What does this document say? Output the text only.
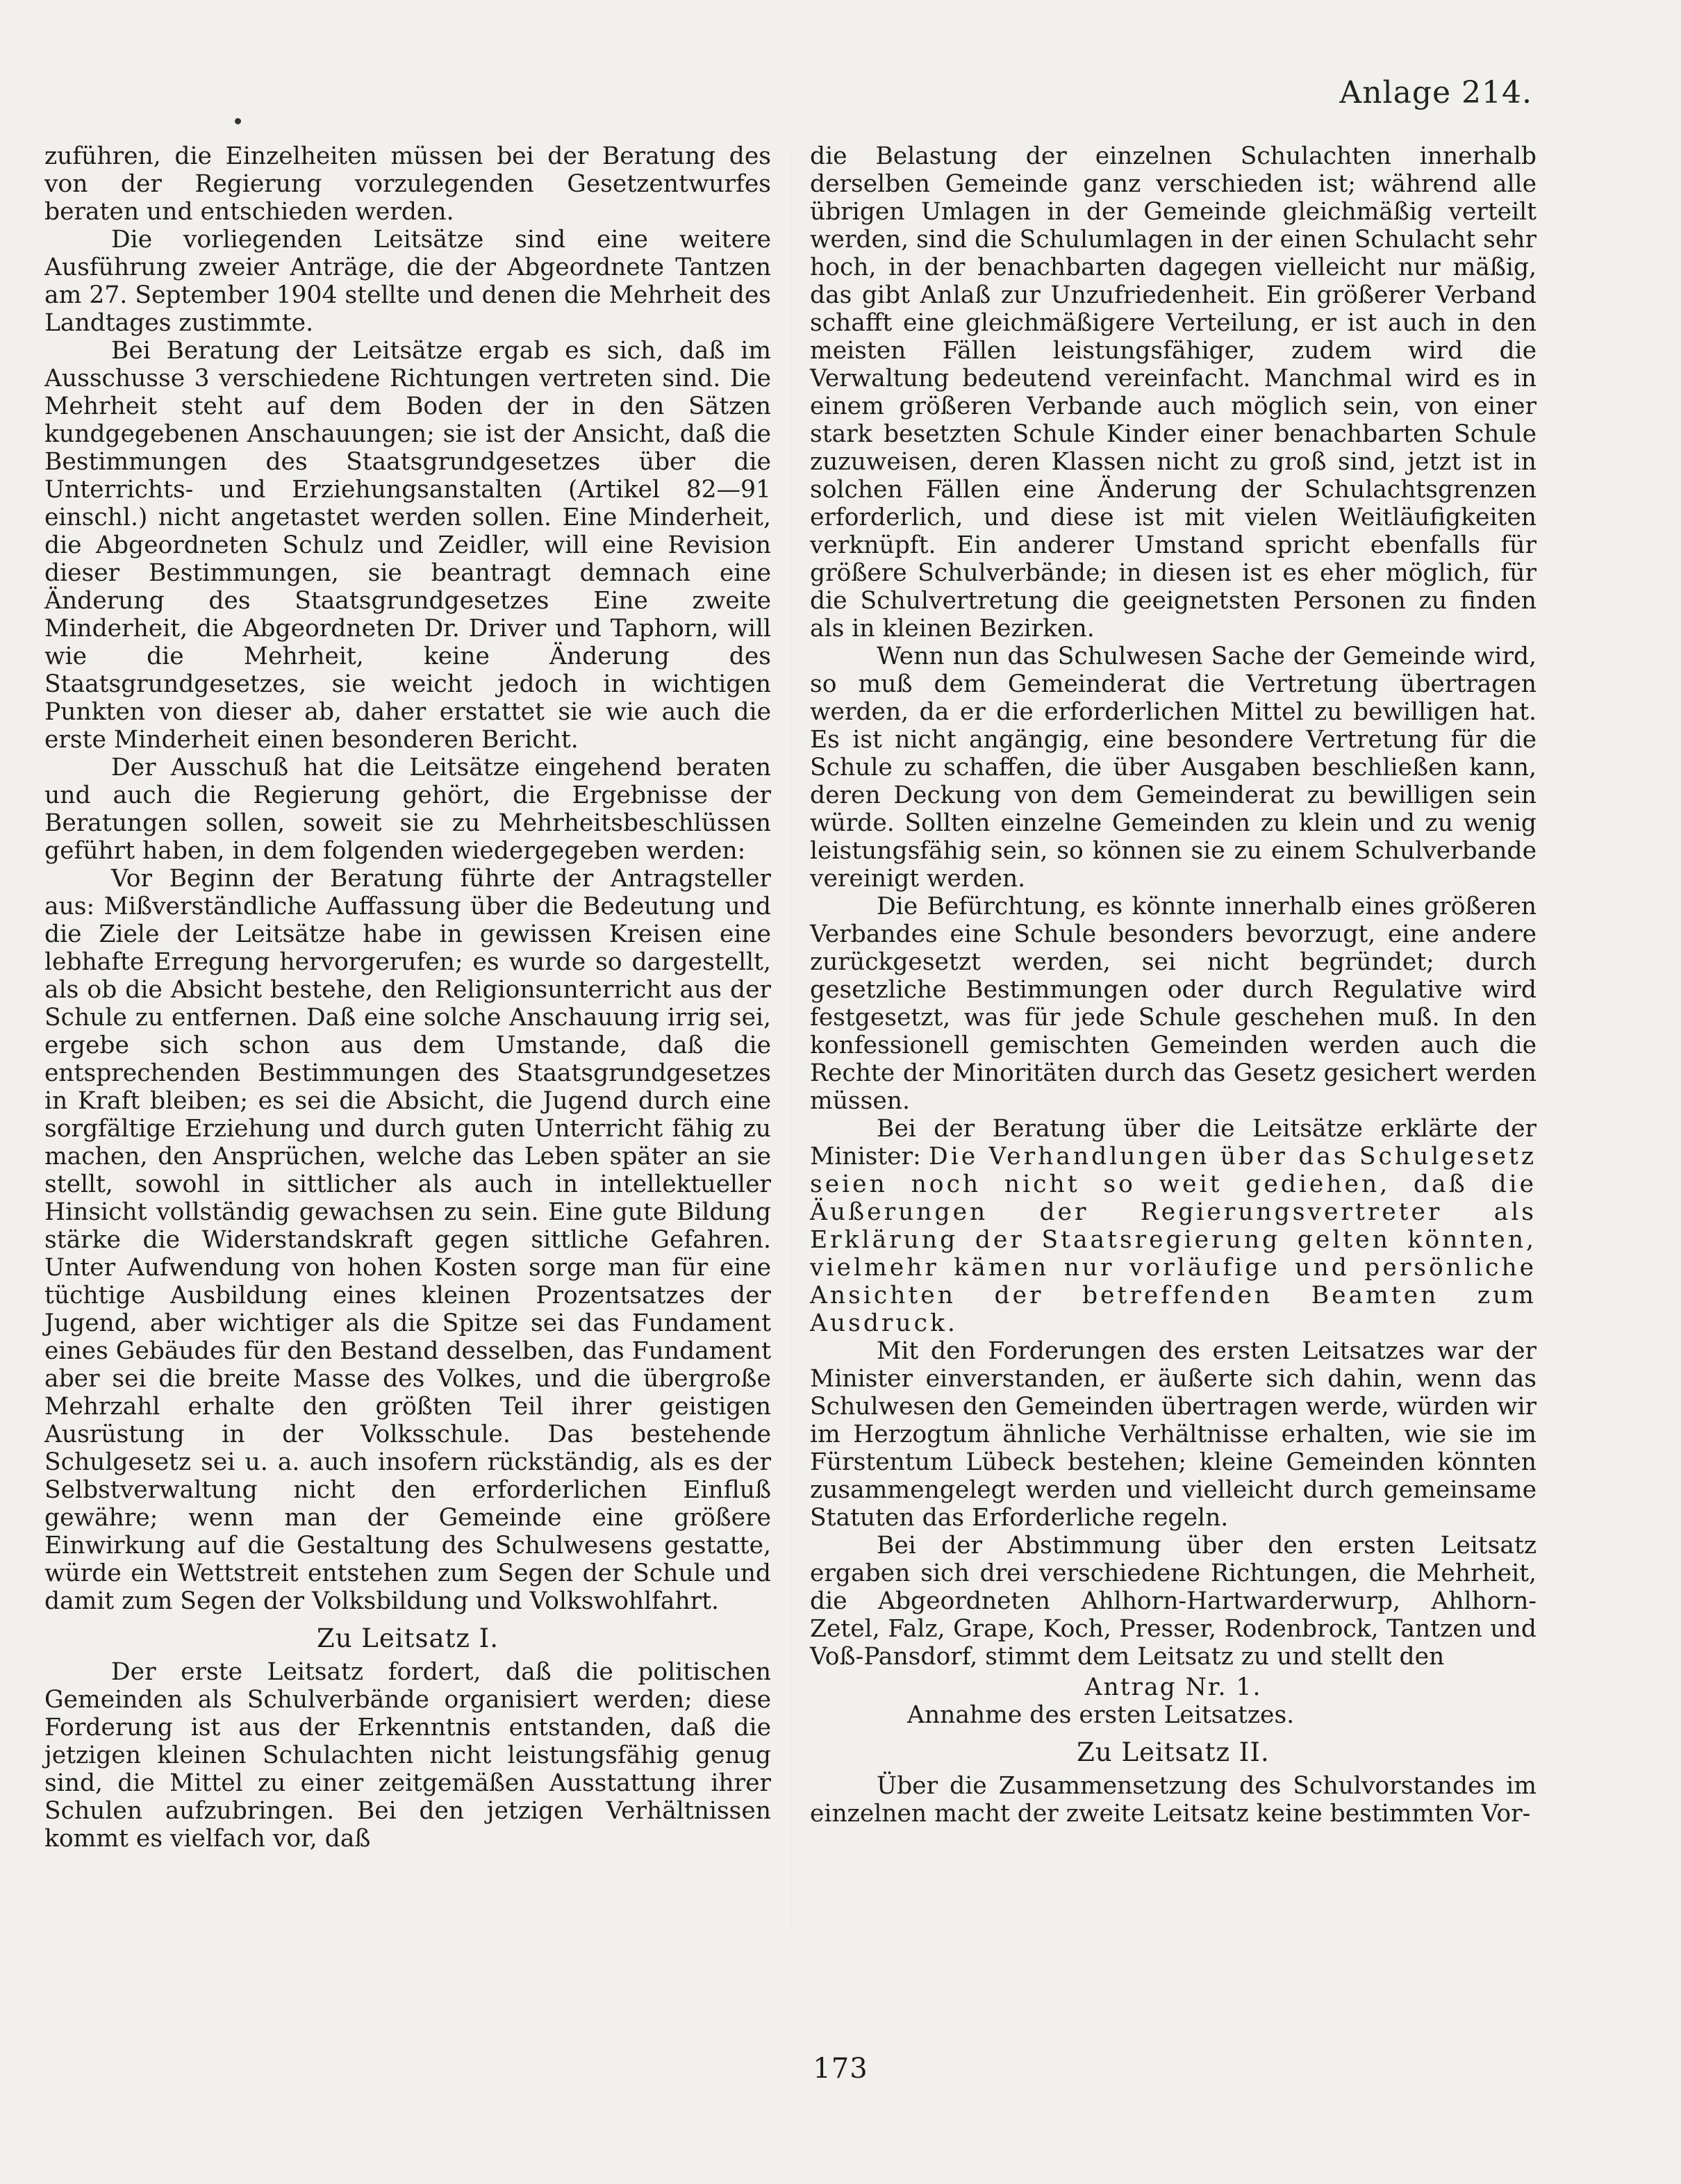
Anlage 214.

zuführen, die Einzelheiten müssen bei der Beratung des von der Regierung vorzulegenden Gesetzentwurfes beraten und entschieden werden.

Die vorliegenden Leitsätze sind eine weitere Ausführung zweier Anträge, die der Abgeordnete Tantzen am 27. September 1904 stellte und denen die Mehrheit des Landtages zustimmte.

Bei Beratung der Leitsätze ergab es sich, daß im Ausschusse 3 verschiedene Richtungen vertreten sind. Die Mehrheit steht auf dem Boden der in den Sätzen kundgegebenen Anschauungen; sie ist der Ansicht, daß die Bestimmungen des Staatsgrundgesetzes über die Unterrichts- und Erziehungsanstalten (Artikel 82—91 einschl.) nicht angetastet werden sollen. Eine Minderheit, die Abgeordneten Schulz und Zeidler, will eine Revision dieser Bestimmungen, sie beantragt demnach eine Änderung des Staatsgrundgesetzes Eine zweite Minderheit, die Abgeordneten Dr. Driver und Taphorn, will wie die Mehrheit, keine Änderung des Staatsgrundgesetzes, sie weicht jedoch in wichtigen Punkten von dieser ab, daher erstattet sie wie auch die erste Minderheit einen besonderen Bericht.

Der Ausschuß hat die Leitsätze eingehend beraten und auch die Regierung gehört, die Ergebnisse der Beratungen sollen, soweit sie zu Mehrheitsbeschlüssen geführt haben, in dem folgenden wiedergegeben werden:

Vor Beginn der Beratung führte der Antragsteller aus: Mißverständliche Auffassung über die Bedeutung und die Ziele der Leitsätze habe in gewissen Kreisen eine lebhafte Erregung hervorgerufen; es wurde so dargestellt, als ob die Absicht bestehe, den Religionsunterricht aus der Schule zu entfernen. Daß eine solche Anschauung irrig sei, ergebe sich schon aus dem Umstande, daß die entsprechenden Bestimmungen des Staatsgrundgesetzes in Kraft bleiben; es sei die Absicht, die Jugend durch eine sorgfältige Erziehung und durch guten Unterricht fähig zu machen, den Ansprüchen, welche das Leben später an sie stellt, sowohl in sittlicher als auch in intellektueller Hinsicht vollständig gewachsen zu sein. Eine gute Bildung stärke die Widerstandskraft gegen sittliche Gefahren. Unter Aufwendung von hohen Kosten sorge man für eine tüchtige Ausbildung eines kleinen Prozentsatzes der Jugend, aber wichtiger als die Spitze sei das Fundament eines Gebäudes für den Bestand desselben, das Fundament aber sei die breite Masse des Volkes, und die übergroße Mehrzahl erhalte den größten Teil ihrer geistigen Ausrüstung in der Volksschule. Das bestehende Schulgesetz sei u. a. auch insofern rückständig, als es der Selbstverwaltung nicht den erforderlichen Einfluß gewähre; wenn man der Gemeinde eine größere Einwirkung auf die Gestaltung des Schulwesens gestatte, würde ein Wettstreit entstehen zum Segen der Schule und damit zum Segen der Volksbildung und Volkswohlfahrt.

Zu Leitsatz I.

Der erste Leitsatz fordert, daß die politischen Gemeinden als Schulverbände organisiert werden; diese Forderung ist aus der Erkenntnis entstanden, daß die jetzigen kleinen Schulachten nicht leistungsfähig genug sind, die Mittel zu einer zeitgemäßen Ausstattung ihrer Schulen aufzubringen. Bei den jetzigen Verhältnissen kommt es vielfach vor, daß

die Belastung der einzelnen Schulachten innerhalb derselben Gemeinde ganz verschieden ist; während alle übrigen Umlagen in der Gemeinde gleichmäßig verteilt werden, sind die Schulumlagen in der einen Schulacht sehr hoch, in der benachbarten dagegen vielleicht nur mäßig, das gibt Anlaß zur Unzufriedenheit. Ein größerer Verband schafft eine gleichmäßigere Verteilung, er ist auch in den meisten Fällen leistungsfähiger, zudem wird die Verwaltung bedeutend vereinfacht. Manchmal wird es in einem größeren Verbande auch möglich sein, von einer stark besetzten Schule Kinder einer benachbarten Schule zuzuweisen, deren Klassen nicht zu groß sind, jetzt ist in solchen Fällen eine Änderung der Schulachtsgrenzen erforderlich, und diese ist mit vielen Weitläufigkeiten verknüpft. Ein anderer Umstand spricht ebenfalls für größere Schulverbände; in diesen ist es eher möglich, für die Schulvertretung die geeignetsten Personen zu finden als in kleinen Bezirken.

Wenn nun das Schulwesen Sache der Gemeinde wird, so muß dem Gemeinderat die Vertretung übertragen werden, da er die erforderlichen Mittel zu bewilligen hat. Es ist nicht angängig, eine besondere Vertretung für die Schule zu schaffen, die über Ausgaben beschließen kann, deren Deckung von dem Gemeinderat zu bewilligen sein würde. Sollten einzelne Gemeinden zu klein und zu wenig leistungsfähig sein, so können sie zu einem Schulverbande vereinigt werden.

Die Befürchtung, es könnte innerhalb eines größeren Verbandes eine Schule besonders bevorzugt, eine andere zurückgesetzt werden, sei nicht begründet; durch gesetzliche Bestimmungen oder durch Regulative wird festgesetzt, was für jede Schule geschehen muß. In den konfessionell gemischten Gemeinden werden auch die Rechte der Minoritäten durch das Gesetz gesichert werden müssen.

Bei der Beratung über die Leitsätze erklärte der Minister: Die Verhandlungen über das Schulgesetz seien noch nicht so weit gediehen, daß die Äußerungen der Regierungsvertreter als Erklärung der Staatsregierung gelten könnten, vielmehr kämen nur vorläufige und persönliche Ansichten der betreffenden Beamten zum Ausdruck.

Mit den Forderungen des ersten Leitsatzes war der Minister einverstanden, er äußerte sich dahin, wenn das Schulwesen den Gemeinden übertragen werde, würden wir im Herzogtum ähnliche Verhältnisse erhalten, wie sie im Fürstentum Lübeck bestehen; kleine Gemeinden könnten zusammengelegt werden und vielleicht durch gemeinsame Statuten das Erforderliche regeln.

Bei der Abstimmung über den ersten Leitsatz ergaben sich drei verschiedene Richtungen, die Mehrheit, die Abgeordneten Ahlhorn-Hartwarderwurp, Ahlhorn-Zetel, Falz, Grape, Koch, Presser, Rodenbrock, Tantzen und Voß-Pansdorf, stimmt dem Leitsatz zu und stellt den

Antrag Nr. 1.
Annahme des ersten Leitsatzes.
Zu Leitsatz II.

Über die Zusammensetzung des Schulvorstandes im einzelnen macht der zweite Leitsatz keine bestimmten Vor-

173
